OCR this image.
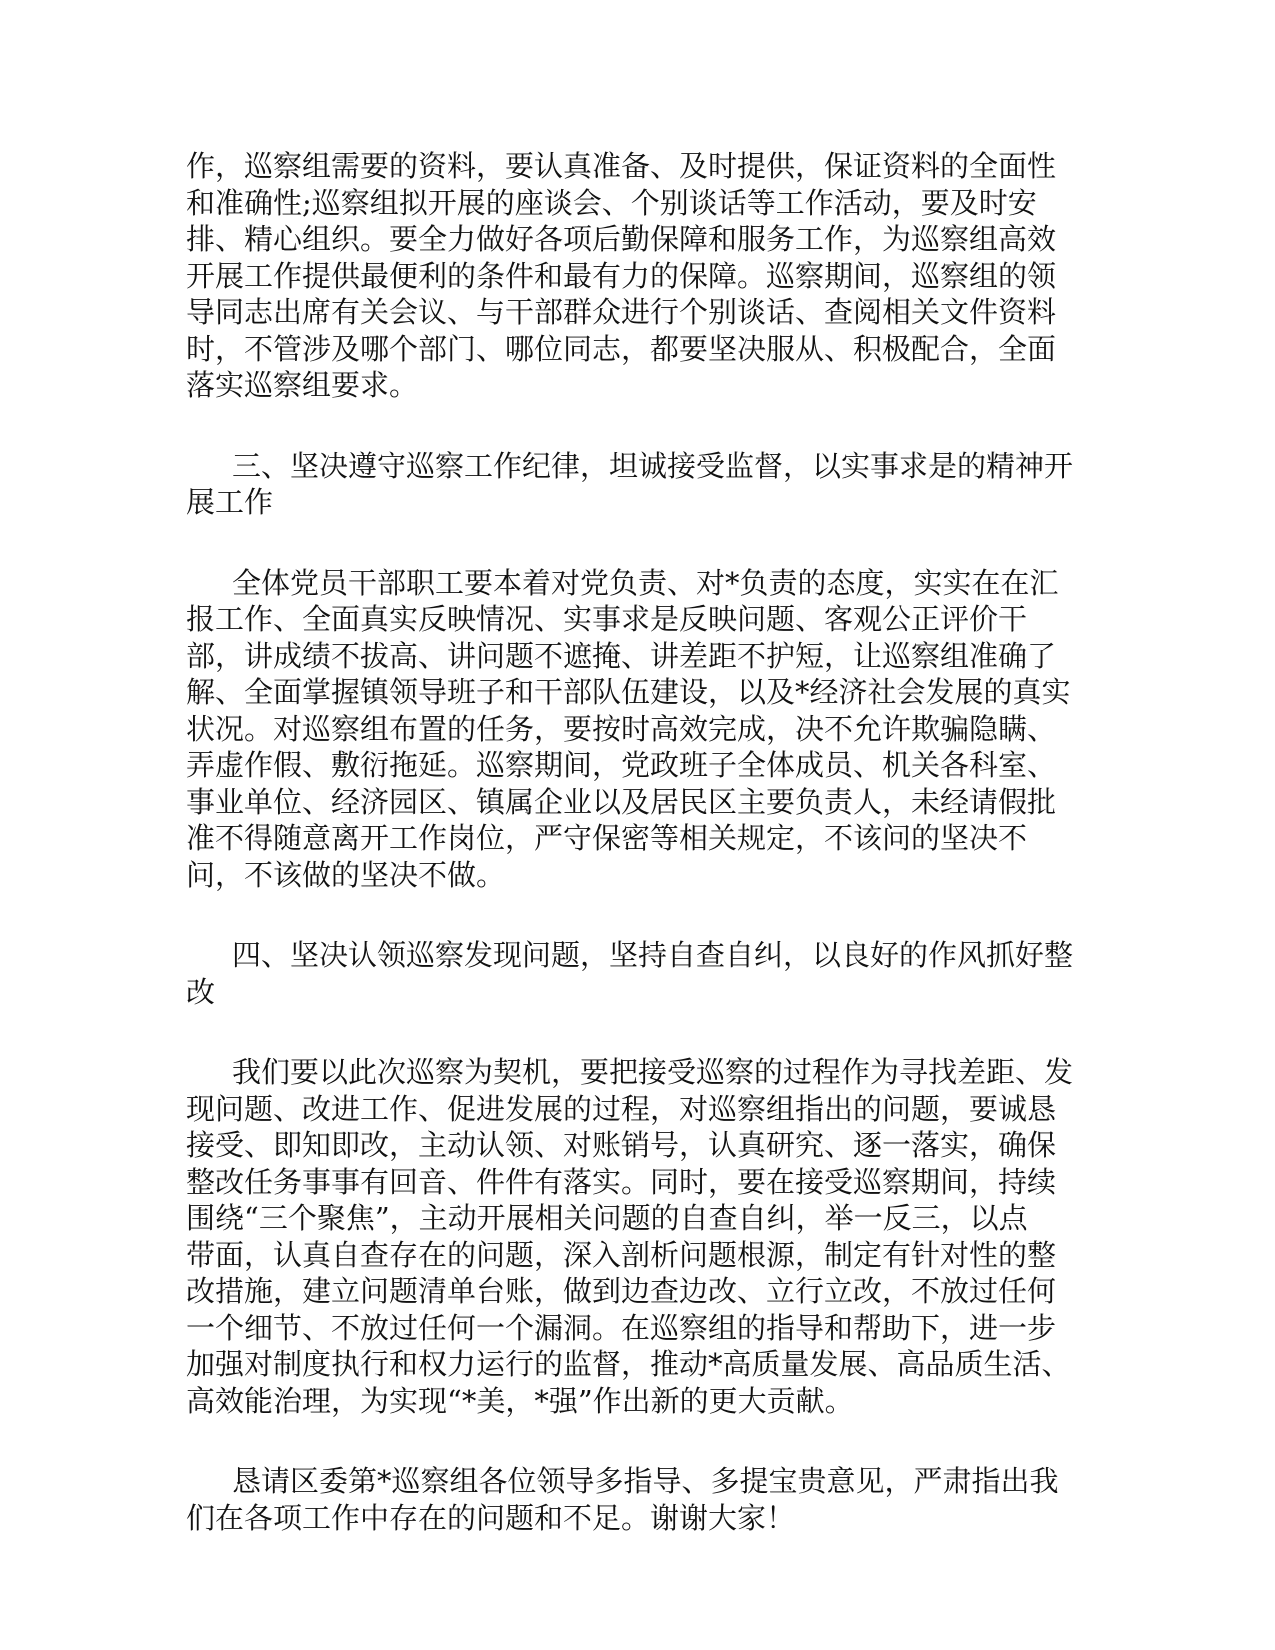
作，巡察组需要的资料，要认真准备、及时提供，保证资料的全面性
和准确性;巡察组拟开展的座谈会、个别谈话等工作活动，要及时安
排、精心组织。要全力做好各项后勤保障和服务工作，为巡察组高效
开展工作提供最便利的条件和最有力的保障。巡察期间，巡察组的领
导同志出席有关会议、与干部群众进行个别谈话、查阅相关文件资料
时，不管涉及哪个部门、哪位同志，都要坚决服从、积极配合，全面
落实巡察组要求。
三、坚决遵守巡察工作纪律，坦诚接受监督，以实事求是的精神开
展工作
全体党员干部职工要本着对党负责、对*负责的态度，实实在在汇
报工作、全面真实反映情况、实事求是反映问题、客观公正评价干
部，讲成绩不拔高、讲问题不遮掩、讲差距不护短，让巡察组准确了
解、全面掌握镇领导班子和干部队伍建设，以及*经济社会发展的真实
状况。对巡察组布置的任务，要按时高效完成，决不允许欺骗隐瞒、
弄虚作假、敷衍拖延。巡察期间，党政班子全体成员、机关各科室、
事业单位、经济园区、镇属企业以及居民区主要负责人，未经请假批
准不得随意离开工作岗位，严守保密等相关规定，不该问的坚决不
问，不该做的坚决不做。
四、坚决认领巡察发现问题，坚持自查自纠，以良好的作风抓好整
改
我们要以此次巡察为契机，要把接受巡察的过程作为寻找差距、发
现问题、改进工作、促进发展的过程，对巡察组指出的问题，要诚恳
接受、即知即改，主动认领、对账销号，认真研究、逐一落实，确保
整改任务事事有回音、件件有落实。同时，要在接受巡察期间，持续
围绕“三个聚焦”，主动开展相关问题的自查自纠，举一反三，以点
带面，认真自查存在的问题，深入剖析问题根源，制定有针对性的整
改措施，建立问题清单台账，做到边查边改、立行立改，不放过任何
一个细节、不放过任何一个漏洞。在巡察组的指导和帮助下，进一步
加强对制度执行和权力运行的监督，推动*高质量发展、高品质生活、
高效能治理，为实现“*美，*强”作出新的更大贡献。
恳请区委第*巡察组各位领导多指导、多提宝贵意见，严肃指出我
们在各项工作中存在的问题和不足。谢谢大家！
